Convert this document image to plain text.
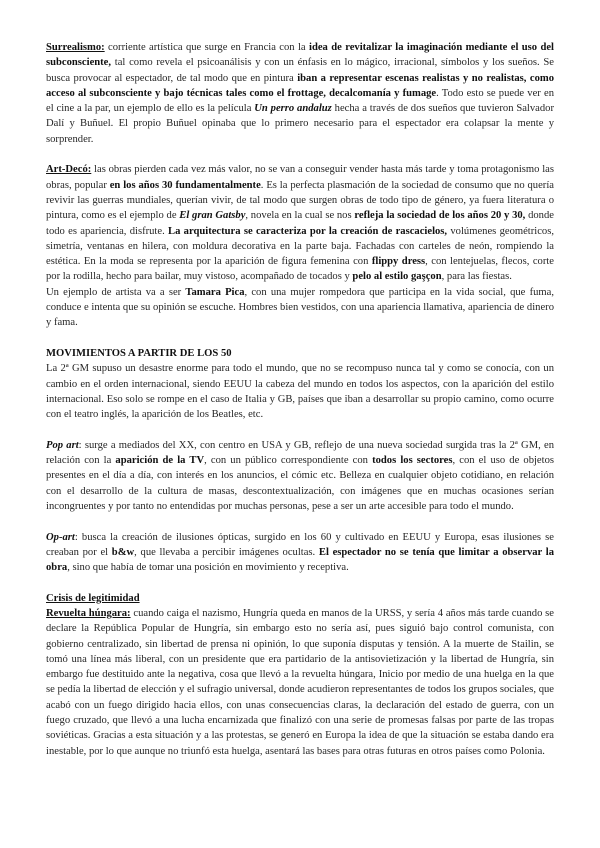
Surrealismo: corriente artística que surge en Francia con la idea de revitalizar la imaginación mediante el uso del subconsciente, tal como revela el psicoanálisis y con un énfasis en lo mágico, irracional, símbolos y los sueños. Se busca provocar al espectador, de tal modo que en pintura iban a representar escenas realistas y no realistas, como acceso al subconsciente y bajo técnicas tales como el frottage, decalcomanía y fumage. Todo esto se puede ver en el cine a la par, un ejemplo de ello es la película Un perro andaluz hecha a través de dos sueños que tuvieron Salvador Dalí y Buñuel. El propio Buñuel opinaba que lo primero necesario para el espectador era colapsar la mente y sorprender.

Art-Decó: las obras pierden cada vez más valor, no se van a conseguir vender hasta más tarde y toma protagonismo las obras, popular en los años 30 fundamentalmente. Es la perfecta plasmación de la sociedad de consumo que no quería revivir las guerras mundiales, querían vivir, de tal modo que surgen obras de todo tipo de género, ya fuera literatura o pintura, como es el ejemplo de El gran Gatsby, novela en la cual se nos refleja la sociedad de los años 20 y 30, donde todo es apariencia, disfrute. La arquitectura se caracteriza por la creación de rascacielos, volúmenes geométricos, simetría, ventanas en hilera, con moldura decorativa en la parte baja. Fachadas con carteles de neón, rompiendo la estética. En la moda se representa por la aparición de figura femenina con flippy dress, con lentejuelas, flecos, corte por la rodilla, hecho para bailar, muy vistoso, acompañado de tocados y pelo al estilo gaşçon, para las fiestas.

Un ejemplo de artista va a ser Tamara Pica, con una mujer rompedora que participa en la vida social, que fuma, conduce e intenta que su opinión se escuche. Hombres bien vestidos, con una apariencia llamativa, apariencia de dinero y fama.

MOVIMIENTOS A PARTIR DE LOS 50

La 2ª GM supuso un desastre enorme para todo el mundo, que no se recompuso nunca tal y como se conocía, con un cambio en el orden internacional, siendo EEUU la cabeza del mundo en todos los aspectos, con la aparición del estilo internacional. Eso solo se rompe en el caso de Italia y GB, países que iban a desarrollar su propio camino, como ocurre con el teatro inglés, la aparición de los Beatles, etc.

Pop art: surge a mediados del XX, con centro en USA y GB, reflejo de una nueva sociedad surgida tras la 2ª GM, en relación con la aparición de la TV, con un público correspondiente con todos los sectores, con el uso de objetos presentes en el día a día, con interés en los anuncios, el cómic etc. Belleza en cualquier objeto cotidiano, en relación con el desarrollo de la cultura de masas, descontextualización, con imágenes que en muchas ocasiones serían incongruentes y por tanto no entendidas por muchas personas, pese a ser un arte accesible para todo el mundo.

Op-art: busca la creación de ilusiones ópticas, surgido en los 60 y cultivado en EEUU y Europa, esas ilusiones se creaban por el b&w, que llevaba a percibir imágenes ocultas. El espectador no se tenía que limitar a observar la obra, sino que había de tomar una posición en movimiento y receptiva.

Crisis de legitimidad

Revuelta húngara: cuando caiga el nazismo, Hungría queda en manos de la URSS, y sería 4 años más tarde cuando se declare la República Popular de Hungría, sin embargo esto no sería así, pues siguió bajo control comunista, con gobierno centralizado, sin libertad de prensa ni opinión, lo que suponía disputas y tensión. A la muerte de Stailin, se tomó una línea más liberal, con un presidente que era partidario de la antisovietización y la libertad de Hungría, sin embargo fue destituido ante la negativa, cosa que llevó a la revuelta húngara, Inicio por medio de una huelga en la que se pedía la libertad de elección y el sufragio universal, donde acudieron representantes de todos los grupos sociales, que acabó con un fuego dirigido hacia ellos, con unas consecuencias claras, la declaración del estado de guerra, con un fuego cruzado, que llevó a una lucha encarnizada que finalizó con una serie de promesas falsas por parte de las tropas soviéticas. Gracias a esta situación y a las protestas, se generó en Europa la idea de que la situación se estaba dando era inestable, por lo que aunque no triunfó esta huelga, asentará las bases para otras futuras en otros países como Polonia.
